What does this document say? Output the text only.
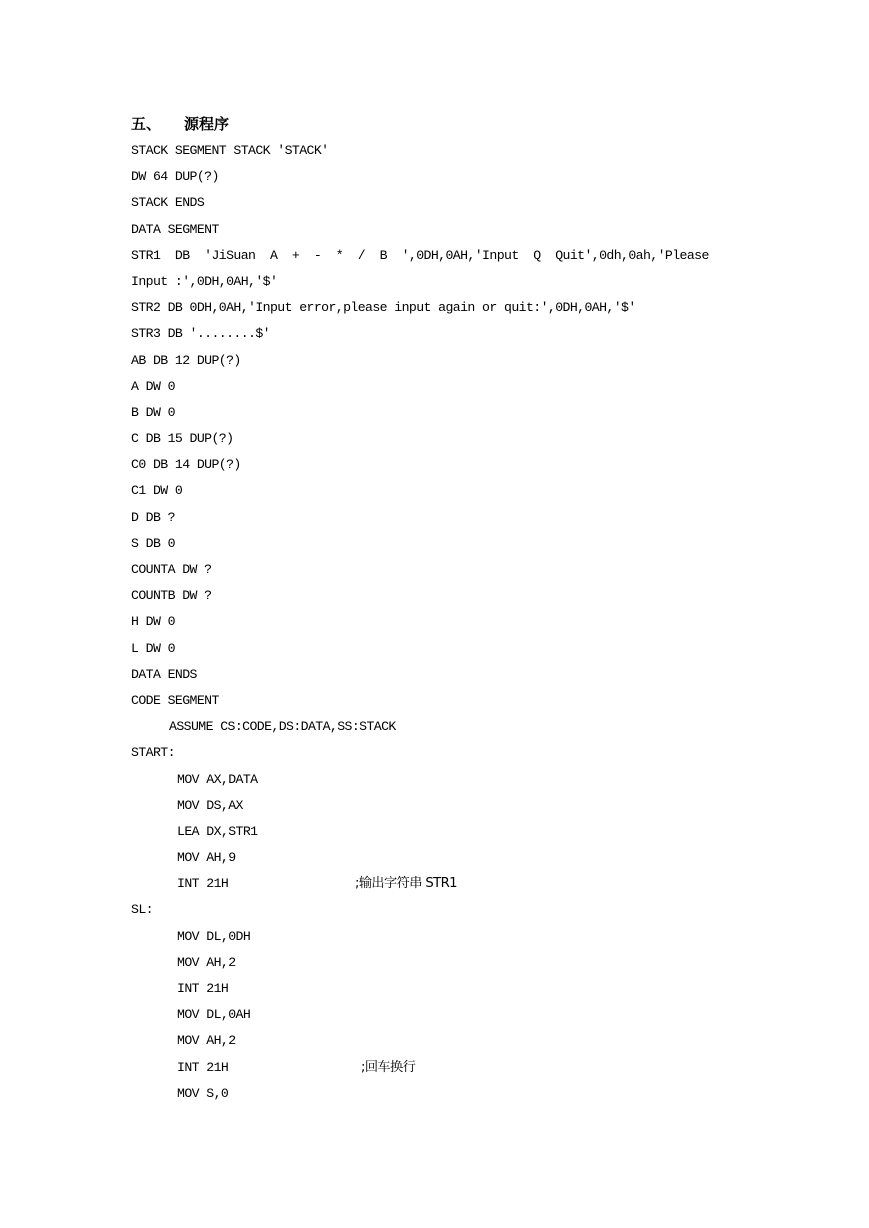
五、 源程序
STACK SEGMENT STACK 'STACK'
DW 64 DUP(?)
STACK ENDS
DATA SEGMENT
STR1  DB  'JiSuan  A  +  -  *  /  B  ',0DH,0AH,'Input  Q  Quit',0dh,0ah,'Please
Input :',0DH,0AH,'$'
STR2 DB 0DH,0AH,'Input error,please input again or quit:',0DH,0AH,'$'
STR3 DB '........$'
AB DB 12 DUP(?)
A DW 0
B DW 0
C DB 15 DUP(?)
C0 DB 14 DUP(?)
C1 DW 0
D DB ?
S DB 0
COUNTA DW ?
COUNTB DW ?
H DW 0
L DW 0
DATA ENDS
CODE SEGMENT
ASSUME CS:CODE,DS:DATA,SS:STACK
START:
MOV AX,DATA
MOV DS,AX
LEA DX,STR1
MOV AH,9
INT 21H	;输出字符串 STR1
SL:
MOV DL,0DH
MOV AH,2
INT 21H
MOV DL,0AH
MOV AH,2
INT 21H	;回车换行
MOV S,0
